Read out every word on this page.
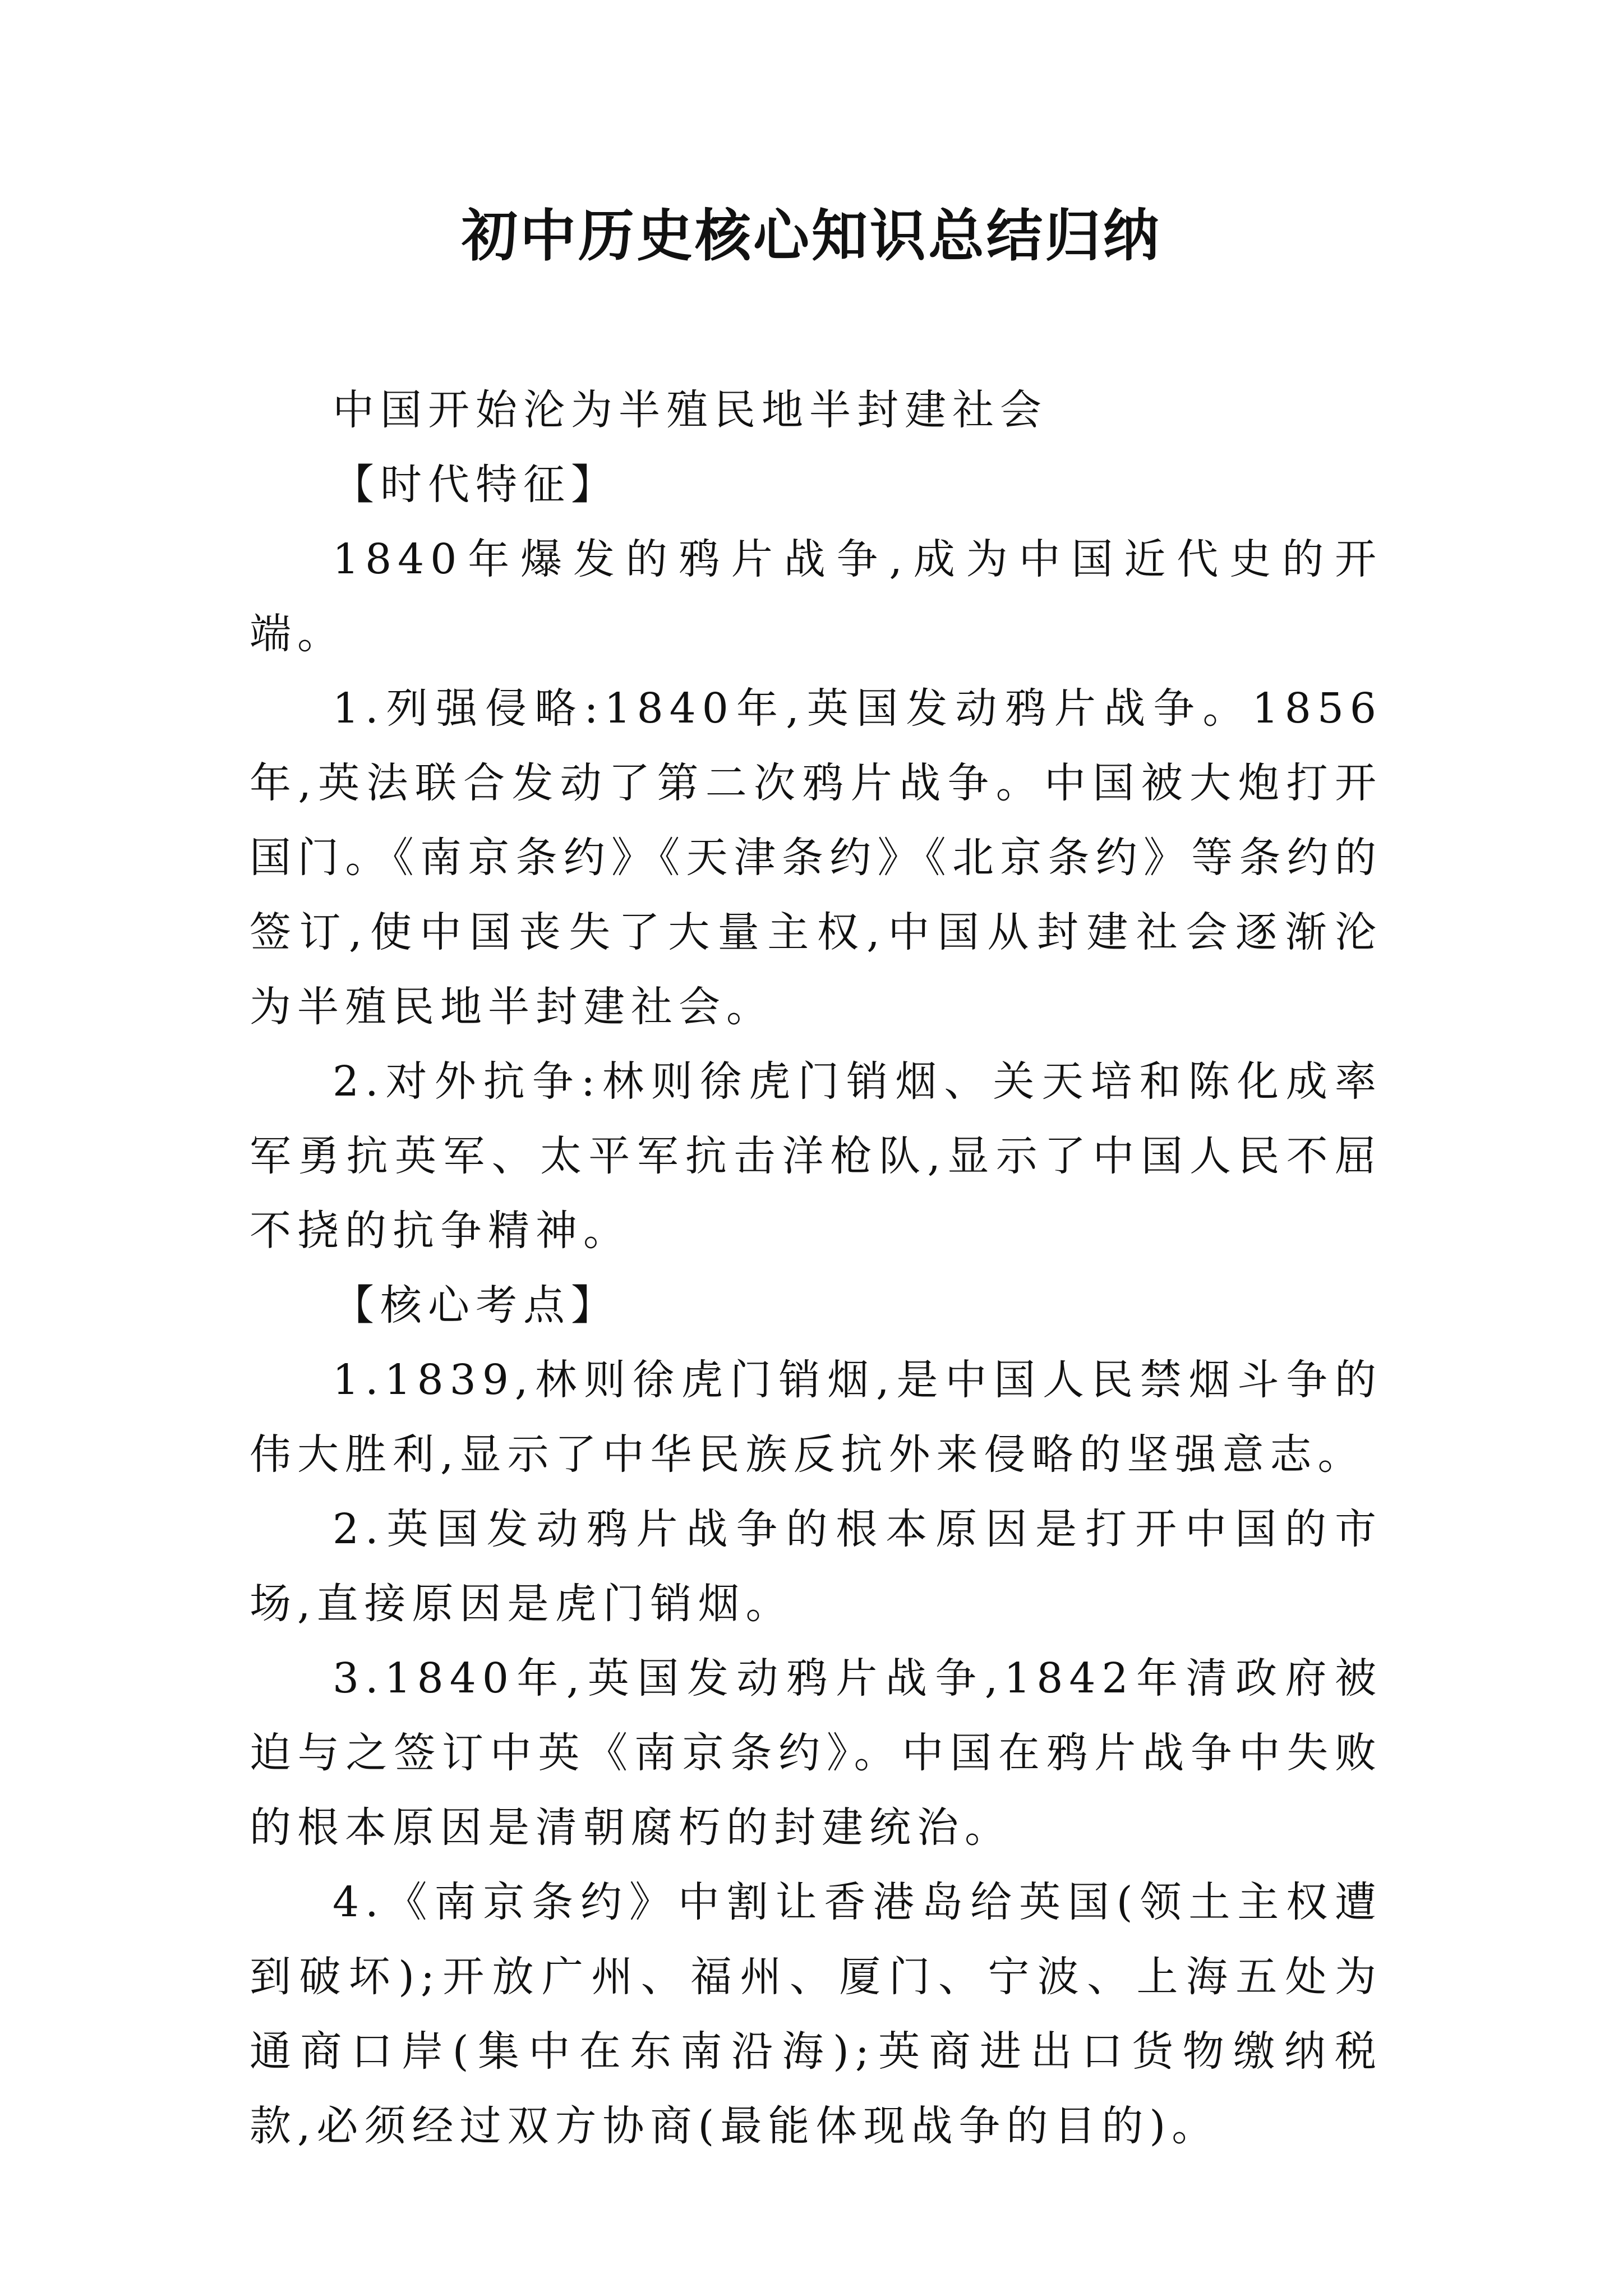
初中历史核心知识总结归纳

中国开始沦为半殖民地半封建社会

【时代特征】

1840年爆发的鸦片战争,成为中国近代史的开端。

1.列强侵略:1840年,英国发动鸦片战争。1856年,英法联合发动了第二次鸦片战争。中国被大炮打开国门。《南京条约》《天津条约》《北京条约》等条约的签订,使中国丧失了大量主权,中国从封建社会逐渐沦为半殖民地半封建社会。

2.对外抗争:林则徐虎门销烟、关天培和陈化成率军勇抗英军、太平军抗击洋枪队,显示了中国人民不屈不挠的抗争精神。

【核心考点】

1.1839,林则徐虎门销烟,是中国人民禁烟斗争的伟大胜利,显示了中华民族反抗外来侵略的坚强意志。

2.英国发动鸦片战争的根本原因是打开中国的市场,直接原因是虎门销烟。

3.1840年,英国发动鸦片战争,1842年清政府被迫与之签订中英《南京条约》。中国在鸦片战争中失败的根本原因是清朝腐朽的封建统治。

4.《南京条约》中割让香港岛给英国(领土主权遭到破坏);开放广州、福州、厦门、宁波、上海五处为通商口岸(集中在东南沿海);英商进出口货物缴纳税款,必须经过双方协商(最能体现战争的目的)。
